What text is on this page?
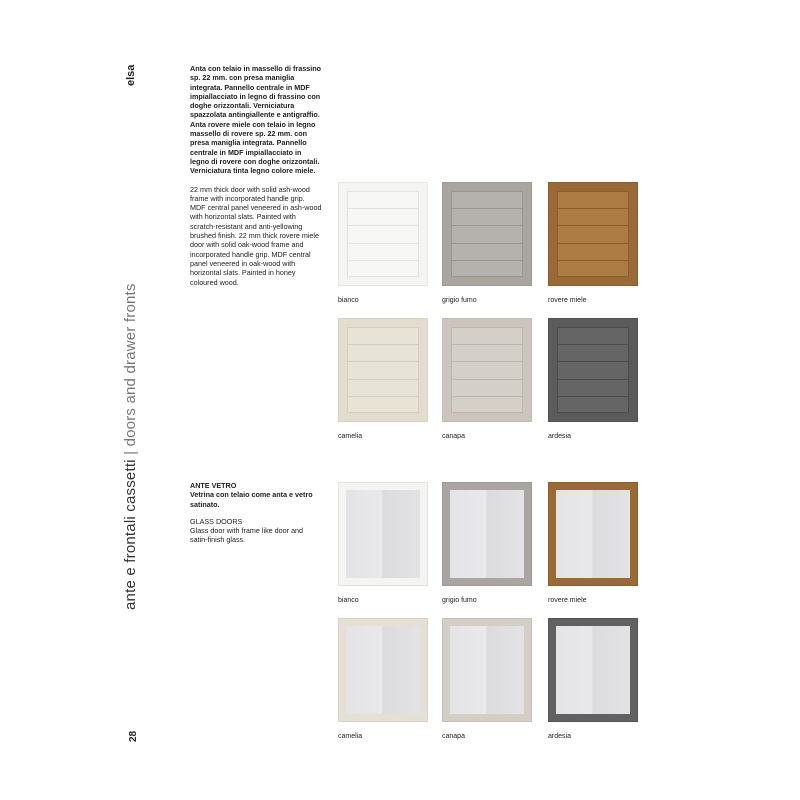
elsa
ante e frontali cassetti | doors and drawer fronts
28

Anta con telaio in massello di frassino sp. 22 mm. con presa maniglia integrata. Pannello centrale in MDF impiallacciato in legno di frassino con doghe orizzontali. Verniciatura spazzolata antingiallente e antigraffio. Anta rovere miele con telaio in legno massello di rovere sp. 22 mm. con presa maniglia integrata. Pannello centrale in MDF impiallacciato in legno di rovere con doghe orizzontali. Verniciatura tinta legno colore miele.

22 mm thick door with solid ash-wood frame with incorporated handle grip. MDF central panel veneered in ash-wood with horizontal slats. Painted with scratch-resistant and anti-yellowing brushed finish. 22 mm thick rovere miele door with solid oak-wood frame and incorporated handle grip. MDF central panel veneered in oak-wood with horizontal slats. Painted in honey coloured wood.

ANTE VETRO
Vetrina con telaio come anta e vetro satinato.

GLASS DOORS
Glass door with frame like door and satin-finish glass.

bianco	grigio fumo	rovere miele
camelia	canapa	ardesia
bianco	grigio fumo	rovere miele
camelia	canapa	ardesia
